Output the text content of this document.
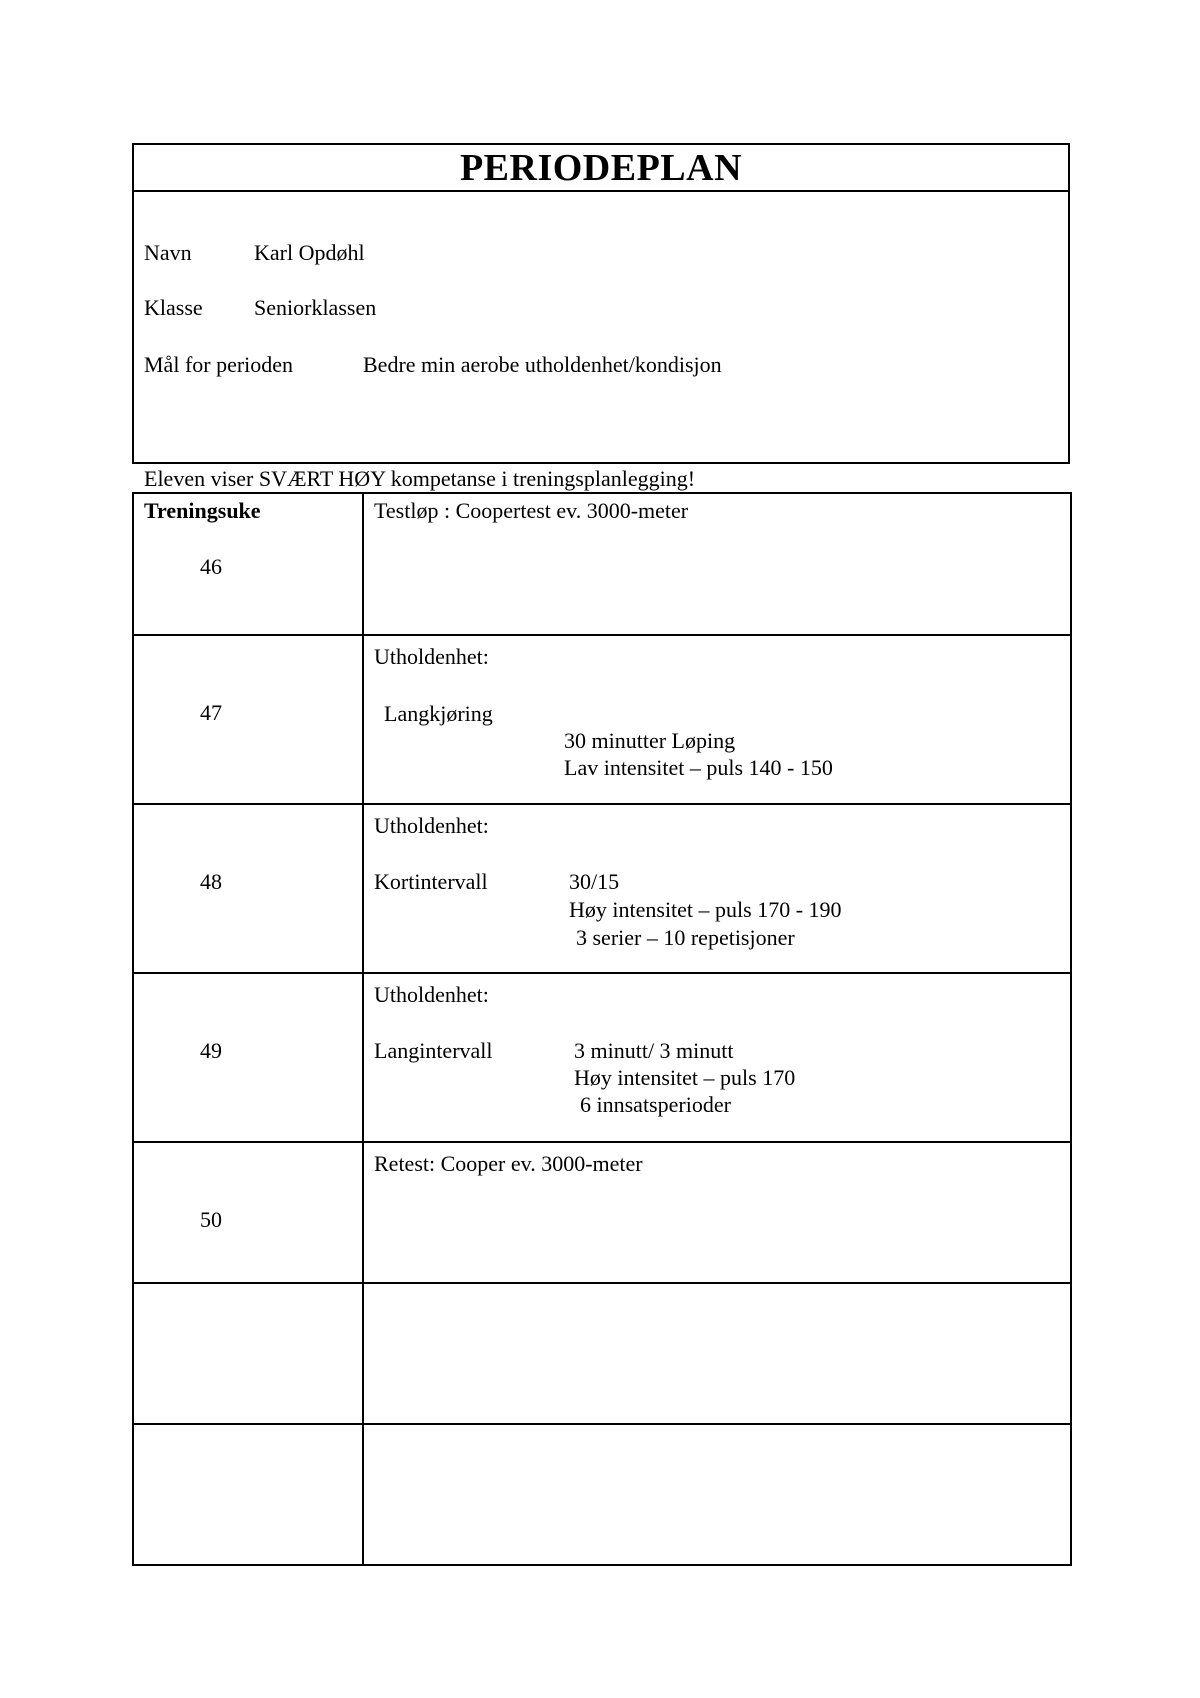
PERIODEPLAN
Navn	Karl Opdøhl
Klasse Seniorklassen
Mål for perioden	Bedre min aerobe utholdenhet/kondisjon
Eleven viser SVÆRT HØY kompetanse i treningsplanlegging!
Treningsuke
46	Testløp : Coopertest ev. 3000-meter

47	Utholdenhet:
Langkjøring
30 minutter Løping
Lav intensitet – puls 140 - 150

48	Utholdenhet:
Kortintervall 30/15
Høy intensitet – puls 170 - 190
3 serier – 10 repetisjoner

49	Utholdenhet:
Langintervall 3 minutt/ 3 minutt
Høy intensitet – puls 170
6 innsatsperioder

50	Retest: Cooper ev. 3000-meter
